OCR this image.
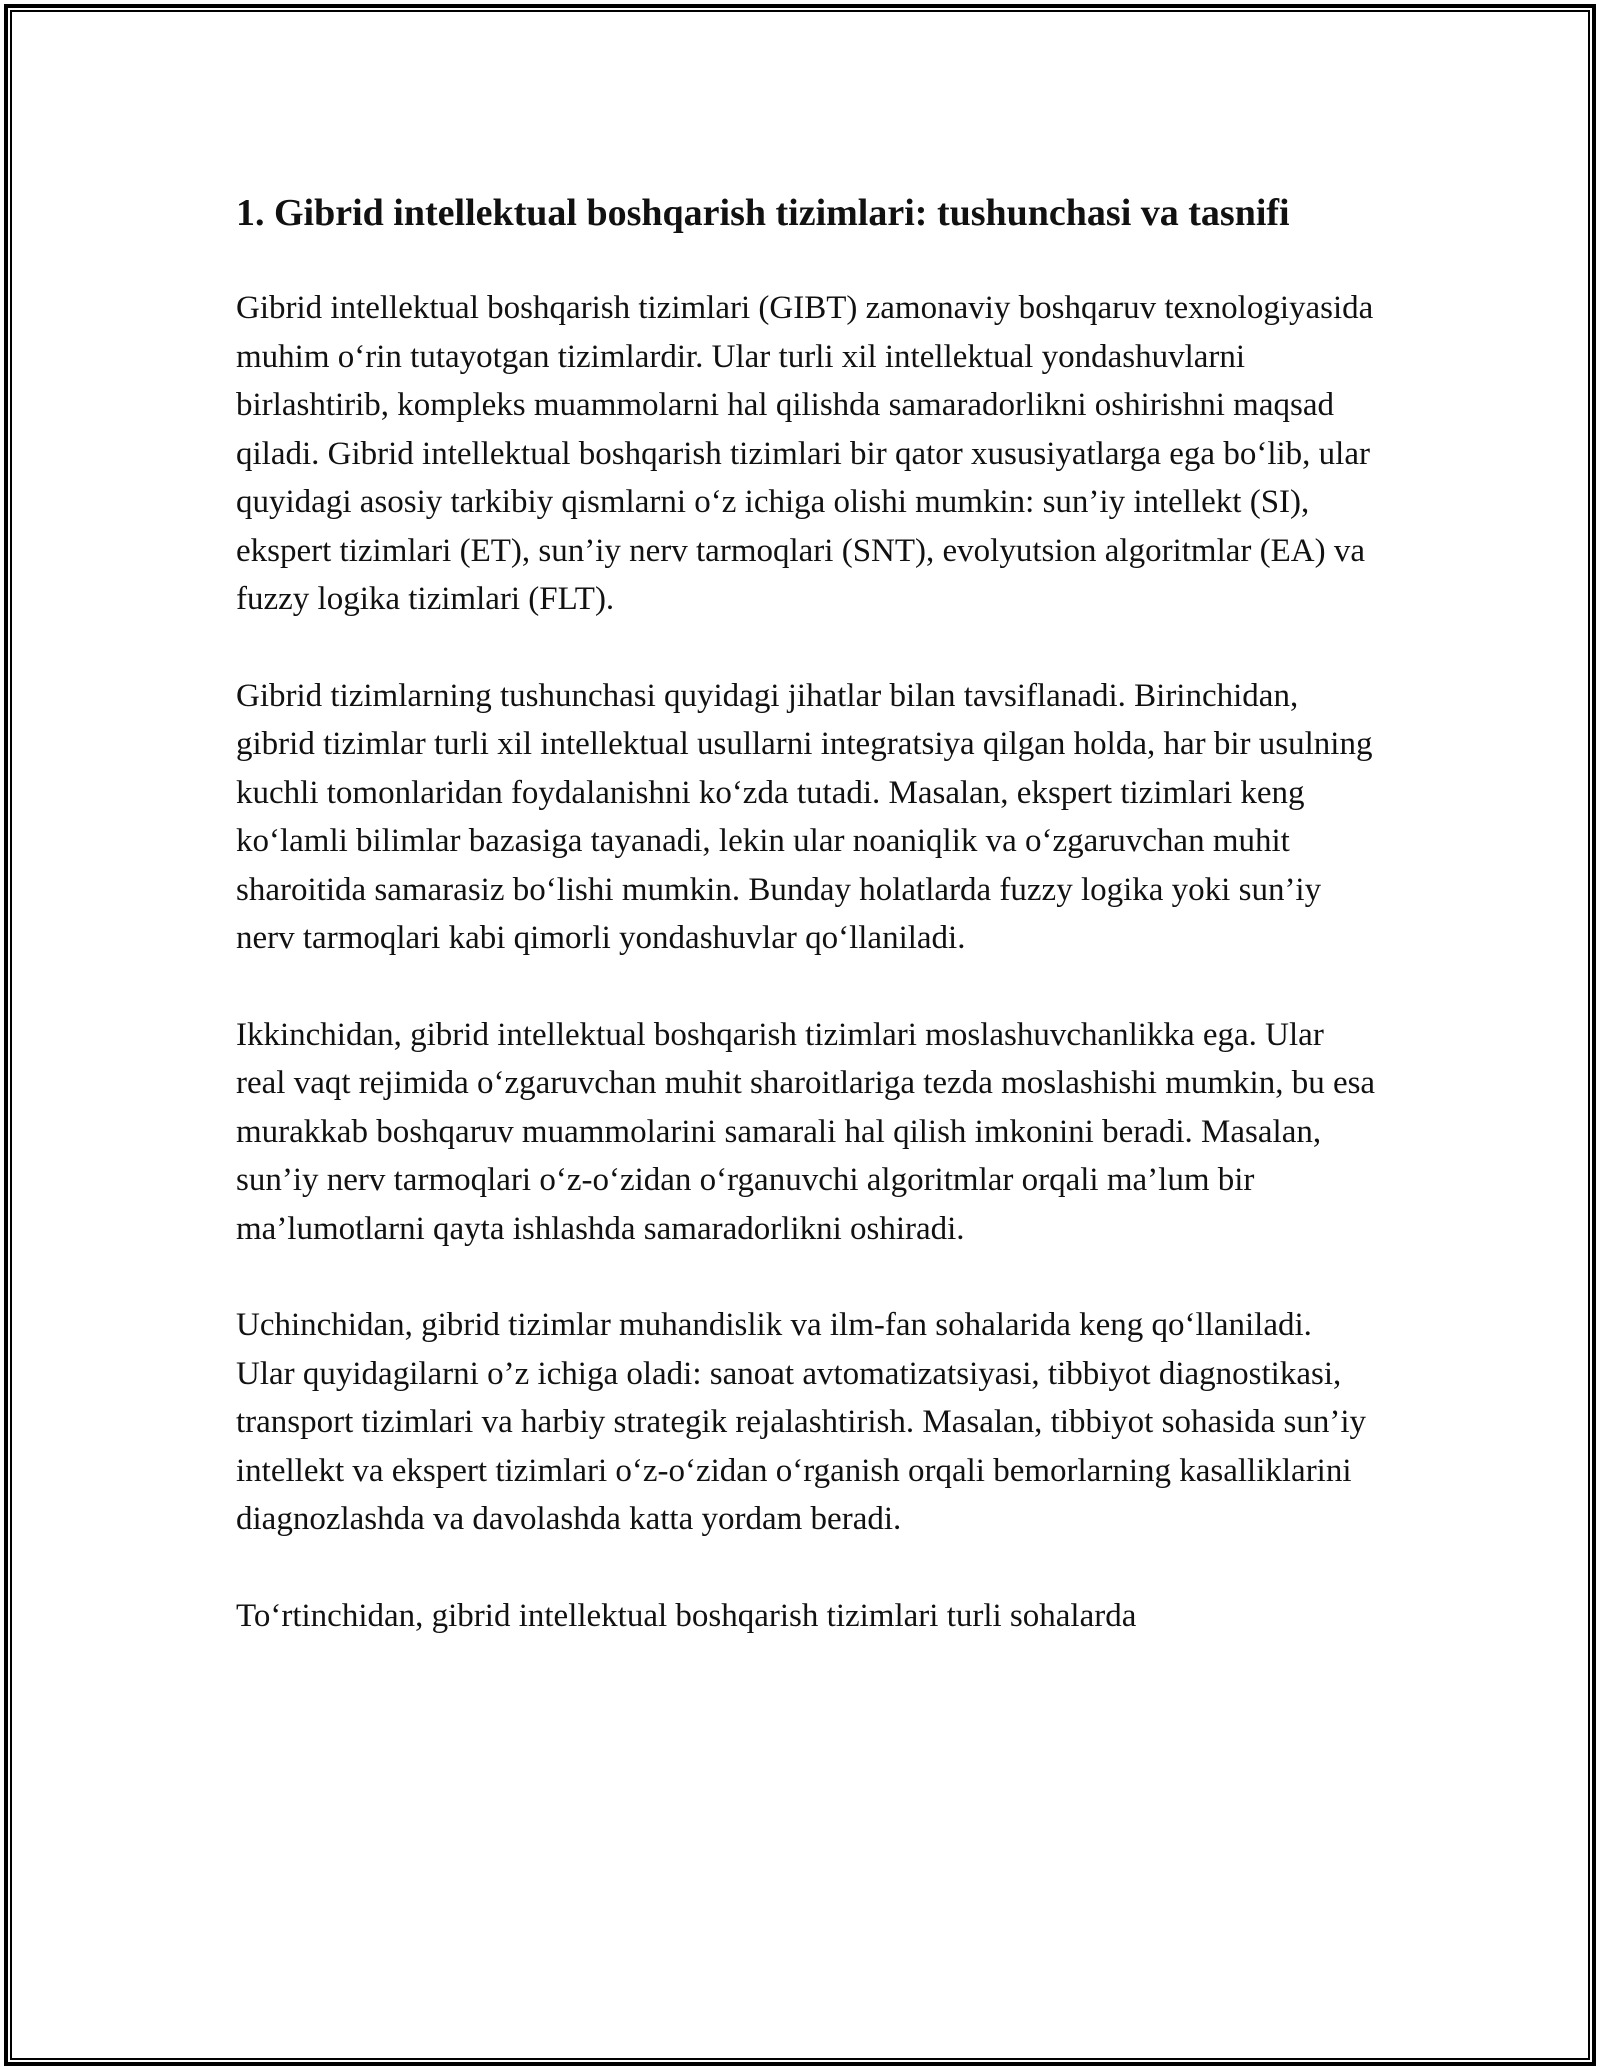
1. Gibrid intellektual boshqarish tizimlari: tushunchasi va tasnifi

Gibrid intellektual boshqarish tizimlari (GIBT) zamonaviy boshqaruv texnologiyasida muhim o‘rin tutayotgan tizimlardir. Ular turli xil intellektual yondashuvlarni birlashtirib, kompleks muammolarni hal qilishda samaradorlikni oshirishni maqsad qiladi. Gibrid intellektual boshqarish tizimlari bir qator xususiyatlarga ega bo‘lib, ular quyidagi asosiy tarkibiy qismlarni o‘z ichiga olishi mumkin: sun’iy intellekt (SI), ekspert tizimlari (ET), sun’iy nerv tarmoqlari (SNT), evolyutsion algoritmlar (EA) va fuzzy logika tizimlari (FLT).

Gibrid tizimlarning tushunchasi quyidagi jihatlar bilan tavsiflanadi. Birinchidan, gibrid tizimlar turli xil intellektual usullarni integratsiya qilgan holda, har bir usulning kuchli tomonlaridan foydalanishni ko‘zda tutadi. Masalan, ekspert tizimlari keng ko‘lamli bilimlar bazasiga tayanadi, lekin ular noaniqlik va o‘zgaruvchan muhit sharoitida samarasiz bo‘lishi mumkin. Bunday holatlarda fuzzy logika yoki sun’iy nerv tarmoqlari kabi qimorli yondashuvlar qo‘llaniladi.

Ikkinchidan, gibrid intellektual boshqarish tizimlari moslashuvchanlikka ega. Ular real vaqt rejimida o‘zgaruvchan muhit sharoitlariga tezda moslashishi mumkin, bu esa murakkab boshqaruv muammolarini samarali hal qilish imkonini beradi. Masalan, sun’iy nerv tarmoqlari o‘z-o‘zidan o‘rganuvchi algoritmlar orqali ma’lum bir ma’lumotlarni qayta ishlashda samaradorlikni oshiradi.

Uchinchidan, gibrid tizimlar muhandislik va ilm-fan sohalarida keng qo‘llaniladi. Ular quyidagilarni o’z ichiga oladi: sanoat avtomatizatsiyasi, tibbiyot diagnostikasi, transport tizimlari va harbiy strategik rejalashtirish. Masalan, tibbiyot sohasida sun’iy intellekt va ekspert tizimlari o‘z-o‘zidan o‘rganish orqali bemorlarning kasalliklarini diagnozlashda va davolashda katta yordam beradi.

To‘rtinchidan, gibrid intellektual boshqarish tizimlari turli sohalarda
